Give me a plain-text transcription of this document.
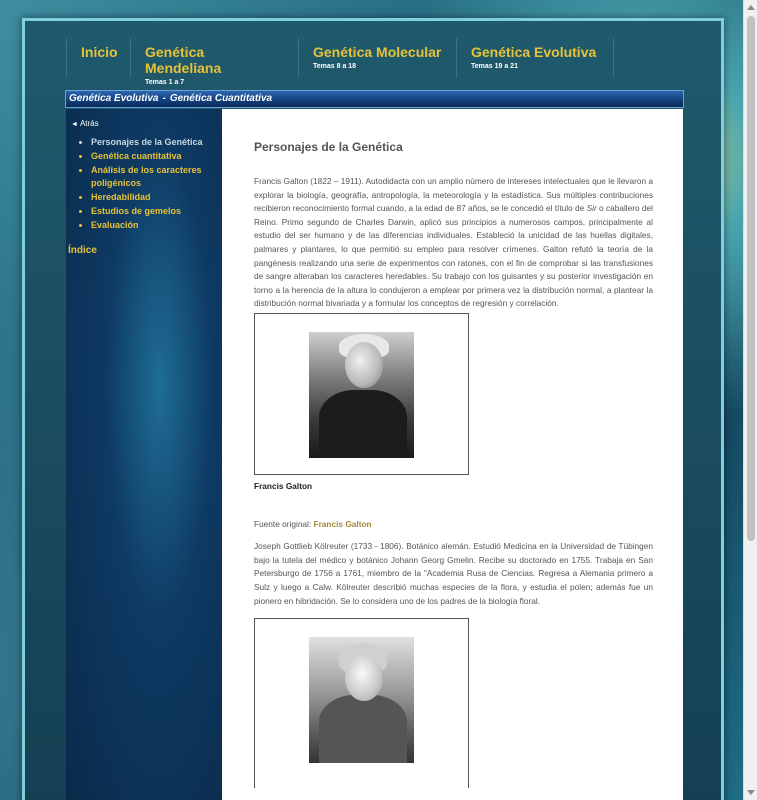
Inicio Genética Mendeliana
Temas 1 a 7
Genética Molecular
Temas 8 a 18
Genética Evolutiva
Temas 19 a 21
Genética Evolutiva - Genética Cuantitativa
◄ Atrás
• Personajes de la Genética
• Genética cuantitativa
• Análisis de los caracteres poligénicos
• Heredabilidad
• Estudios de gemelos
• Evaluación
Índice
Personajes de la Genética

Francis Galton (1822 – 1911). Autodidacta con un amplio número de intereses intelectuales que le llevaron a explorar la biología, geografía, antropología, la meteorología y la estadística. Sus múltiples contribuciones recibieron reconocimiento formal cuando, a la edad de 87 años, se le concedió el título de Sir o caballero del Reino. Primo segundo de Charles Darwin, aplicó sus principios a numerosos campos, principalmente al estudio del ser humano y de las diferencias individuales. Estableció la unicidad de las huellas digitales, palmares y plantares, lo que permitió su empleo para resolver crímenes. Galton refutó la teoría de la pangénesis realizando una serie de experimentos con ratones, con el fin de comprobar si las transfusiones de sangre alteraban los caracteres heredables. Su trabajo con los guisantes y su posterior investigación en torno a la herencia de la altura lo condujeron a emplear por primera vez la distribución normal, a plantear la distribución normal bivariada y a formular los conceptos de regresión y correlación.

Francis Galton

Fuente original: Francis Galton

Joseph Gottlieb Kölreuter (1733 - 1806). Botánico alemán. Estudió Medicina en la Universidad de Tübingen bajo la tutela del médico y botánico Johann Georg Gmelin. Recibe su doctorado en 1755. Trabaja en San Petersburgo de 1756 a 1761, miembro de la "Academia Rusa de Ciencias. Regresa a Alemania primero a Sulz y luego a Calw. Kölreuter describió muchas especies de la flora, y estudia el polen; además fue un pionero en hibridación. Se lo considera uno de los padres de la biología floral.
